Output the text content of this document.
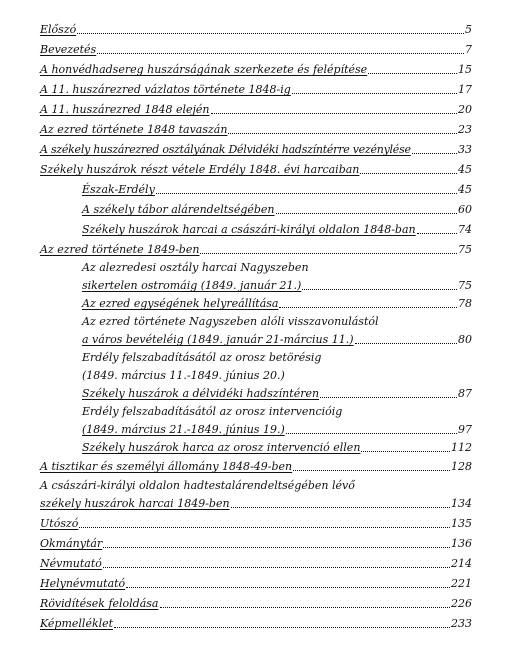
Előszó	5
Bevezetés	7
A honvédhadsereg huszárságának szerkezete és felépítése	15
A 11. huszárezred vázlatos története 1848-ig	17
A 11. huszárezred 1848 elején	20
Az ezred története 1848 tavaszán	23
A székely huszárezred osztályának Délvidéki hadszíntérre vezénylése	33
Székely huszárok részt vétele Erdély 1848. évi harcaiban	45
Észak-Erdély	45
A székely tábor alárendeltségében	60
Székely huszárok harcai a császári-királyi oldalon 1848-ban	74
Az ezred története 1849-ben	75
Az alezredesi osztály harcai Nagyszeben
sikertelen ostromáig (1849. január 21.)	75
Az ezred egységének helyreállítása	78
Az ezred története Nagyszeben alóli visszavonulástól
a város bevételéig (1849. január 21-március 11.)	80
Erdély felszabadításától az orosz betörésig
(1849. március 11.-1849. június 20.)
Székely huszárok a délvidéki hadszíntéren	87
Erdély felszabadításától az orosz intervencióig
(1849. március 21.-1849. június 19.)	97
Székely huszárok harca az orosz intervenció ellen	112
A tisztikar és személyi állomány 1848-49-ben	128
A császári-királyi oldalon hadtestalárendeltségében lévő
székely huszárok harcai 1849-ben	134
Utószó	135
Okmánytár	136
Névmutató	214
Helynévmutató	221
Rövidítések feloldása	226
Képmelléklet	233
